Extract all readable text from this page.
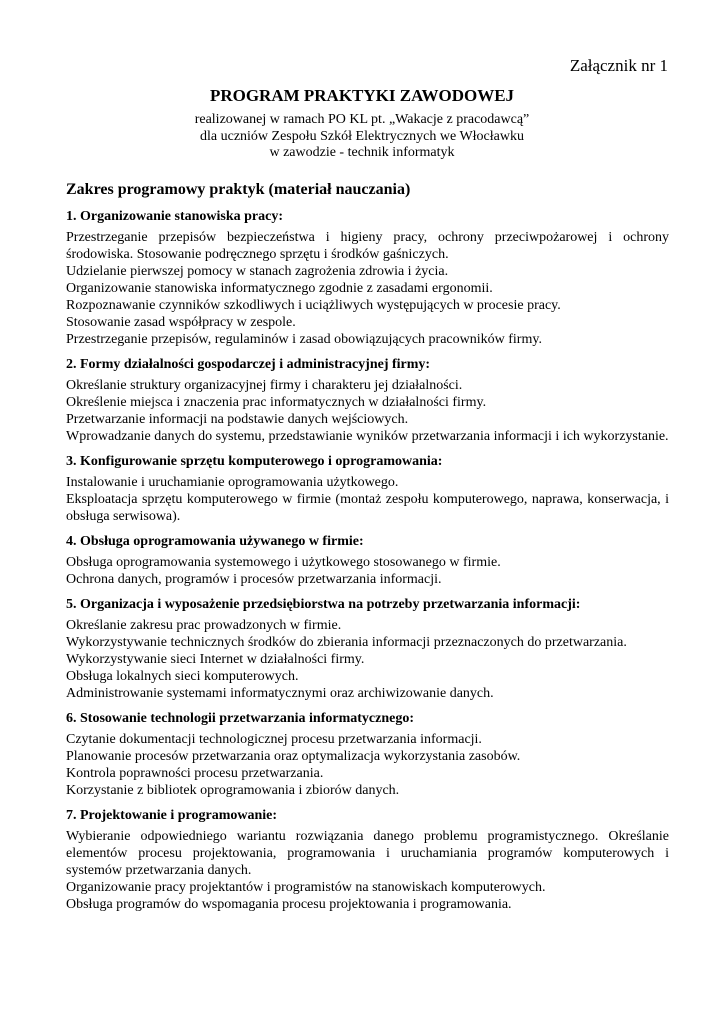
Załącznik nr 1
PROGRAM PRAKTYKI ZAWODOWEJ
realizowanej w ramach PO KL pt. „Wakacje z pracodawcą”
dla uczniów Zespołu Szkół Elektrycznych we Włocławku
w zawodzie - technik informatyk
Zakres programowy praktyk (materiał nauczania)
1. Organizowanie stanowiska pracy:

Przestrzeganie przepisów bezpieczeństwa i higieny pracy, ochrony przeciwpożarowej i ochrony środowiska. Stosowanie podręcznego sprzętu i środków gaśniczych.

Udzielanie pierwszej pomocy w stanach zagrożenia zdrowia i życia.

Organizowanie stanowiska informatycznego zgodnie z zasadami ergonomii.

Rozpoznawanie czynników szkodliwych i uciążliwych występujących w procesie pracy.

Stosowanie zasad współpracy w zespole.

Przestrzeganie przepisów, regulaminów i zasad obowiązujących pracowników firmy.

2. Formy działalności gospodarczej i administracyjnej firmy:

Określanie struktury organizacyjnej firmy i charakteru jej działalności.

Określenie miejsca i znaczenia prac informatycznych w działalności firmy.

Przetwarzanie informacji na podstawie danych wejściowych.

Wprowadzanie danych do systemu, przedstawianie wyników przetwarzania informacji i ich wykorzystanie.

3. Konfigurowanie sprzętu komputerowego i oprogramowania:

Instalowanie i uruchamianie oprogramowania użytkowego.

Eksploatacja sprzętu komputerowego w firmie (montaż zespołu komputerowego, naprawa, konserwacja, i obsługa serwisowa).

4. Obsługa oprogramowania używanego w firmie:

Obsługa oprogramowania systemowego i użytkowego stosowanego w firmie.

Ochrona danych, programów i procesów przetwarzania informacji.

5. Organizacja i wyposażenie przedsiębiorstwa na potrzeby przetwarzania informacji:

Określanie zakresu prac prowadzonych w firmie.

Wykorzystywanie technicznych środków do zbierania informacji przeznaczonych do przetwarzania.

Wykorzystywanie sieci Internet w działalności firmy.

Obsługa lokalnych sieci komputerowych.

Administrowanie systemami informatycznymi oraz archiwizowanie danych.

6. Stosowanie technologii przetwarzania informatycznego:

Czytanie dokumentacji technologicznej procesu przetwarzania informacji.

Planowanie procesów przetwarzania oraz optymalizacja wykorzystania zasobów.

Kontrola poprawności procesu przetwarzania.

Korzystanie z bibliotek oprogramowania i zbiorów danych.

7. Projektowanie i programowanie:

Wybieranie odpowiedniego wariantu rozwiązania danego problemu programistycznego. Określanie elementów procesu projektowania, programowania i uruchamiania programów komputerowych i systemów przetwarzania danych.

Organizowanie pracy projektantów i programistów na stanowiskach komputerowych.

Obsługa programów do wspomagania procesu projektowania i programowania.
